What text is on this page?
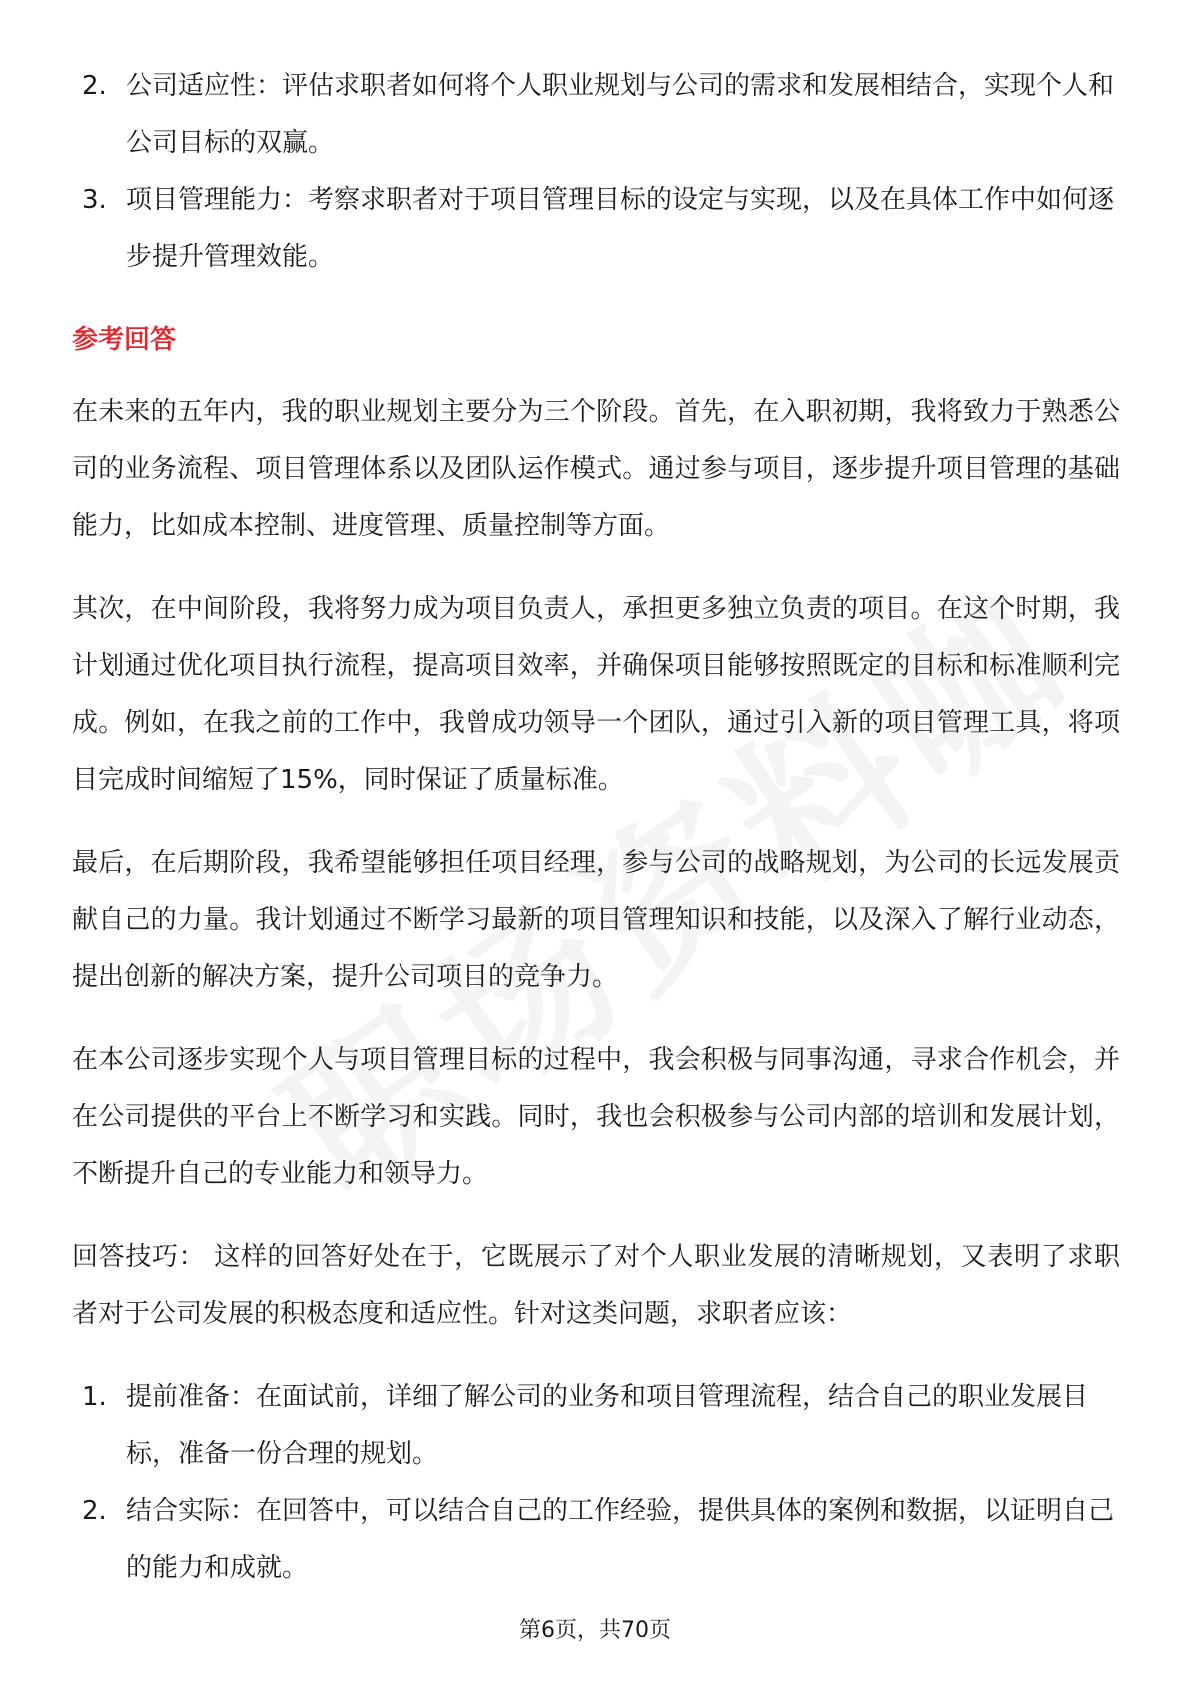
2. 公司适应性：评估求职者如何将个人职业规划与公司的需求和发展相结合，实现个人和公司目标的双赢。
3. 项目管理能力：考察求职者对于项目管理目标的设定与实现，以及在具体工作中如何逐步提升管理效能。
参考回答

在未来的五年内，我的职业规划主要分为三个阶段。首先，在入职初期，我将致力于熟悉公司的业务流程、项目管理体系以及团队运作模式。通过参与项目，逐步提升项目管理的基础能力，比如成本控制、进度管理、质量控制等方面。

其次，在中间阶段，我将努力成为项目负责人，承担更多独立负责的项目。在这个时期，我计划通过优化项目执行流程，提高项目效率，并确保项目能够按照既定的目标和标准顺利完成。例如，在我之前的工作中，我曾成功领导一个团队，通过引入新的项目管理工具，将项目完成时间缩短了15%，同时保证了质量标准。

最后，在后期阶段，我希望能够担任项目经理，参与公司的战略规划，为公司的长远发展贡献自己的力量。我计划通过不断学习最新的项目管理知识和技能，以及深入了解行业动态，提出创新的解决方案，提升公司项目的竞争力。

在本公司逐步实现个人与项目管理目标的过程中，我会积极与同事沟通，寻求合作机会，并在公司提供的平台上不断学习和实践。同时，我也会积极参与公司内部的培训和发展计划，不断提升自己的专业能力和领导力。

回答技巧： 这样的回答好处在于，它既展示了对个人职业发展的清晰规划，又表明了求职者对于公司发展的积极态度和适应性。针对这类问题，求职者应该：

1. 提前准备：在面试前，详细了解公司的业务和项目管理流程，结合自己的职业发展目标，准备一份合理的规划。
2. 结合实际：在回答中，可以结合自己的工作经验，提供具体的案例和数据，以证明自己的能力和成就。
第6页，共70页
